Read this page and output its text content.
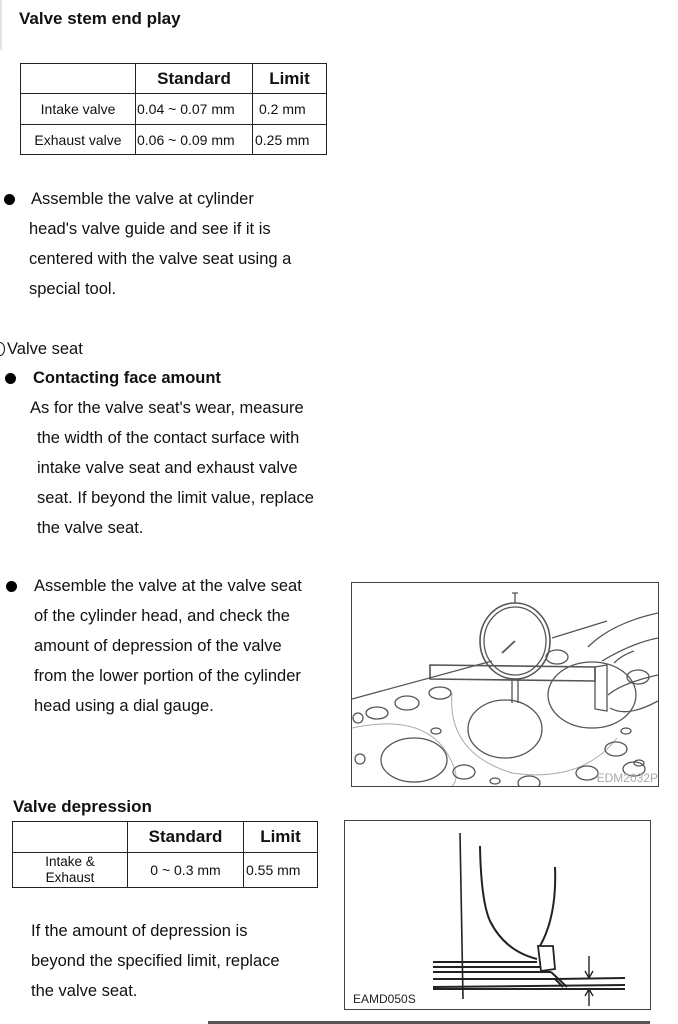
Valve stem end play
	Standard	Limit
Intake valve	0.04 ~ 0.07 mm	0.2 mm
Exhaust valve	0.06 ~ 0.09 mm	0.25 mm
Assemble the valve at cylinder
head's valve guide and see if it is
centered with the valve seat using a
special tool.
Valve seat
Contacting face amount
As for the valve seat's wear, measure
the width of the contact surface with
intake valve seat and exhaust valve
seat. If beyond the limit value, replace
the valve seat.
Assemble the valve at the valve seat
of the cylinder head, and check the
amount of depression of the valve
from the lower portion of the cylinder
head using a dial gauge.
EDM2032P
Valve depression
	Standard	Limit

Intake &
Exhaust	0 ~ 0.3 mm	0.55 mm
If the amount of depression is
beyond the specified limit, replace
the valve seat.	EAMD050S
